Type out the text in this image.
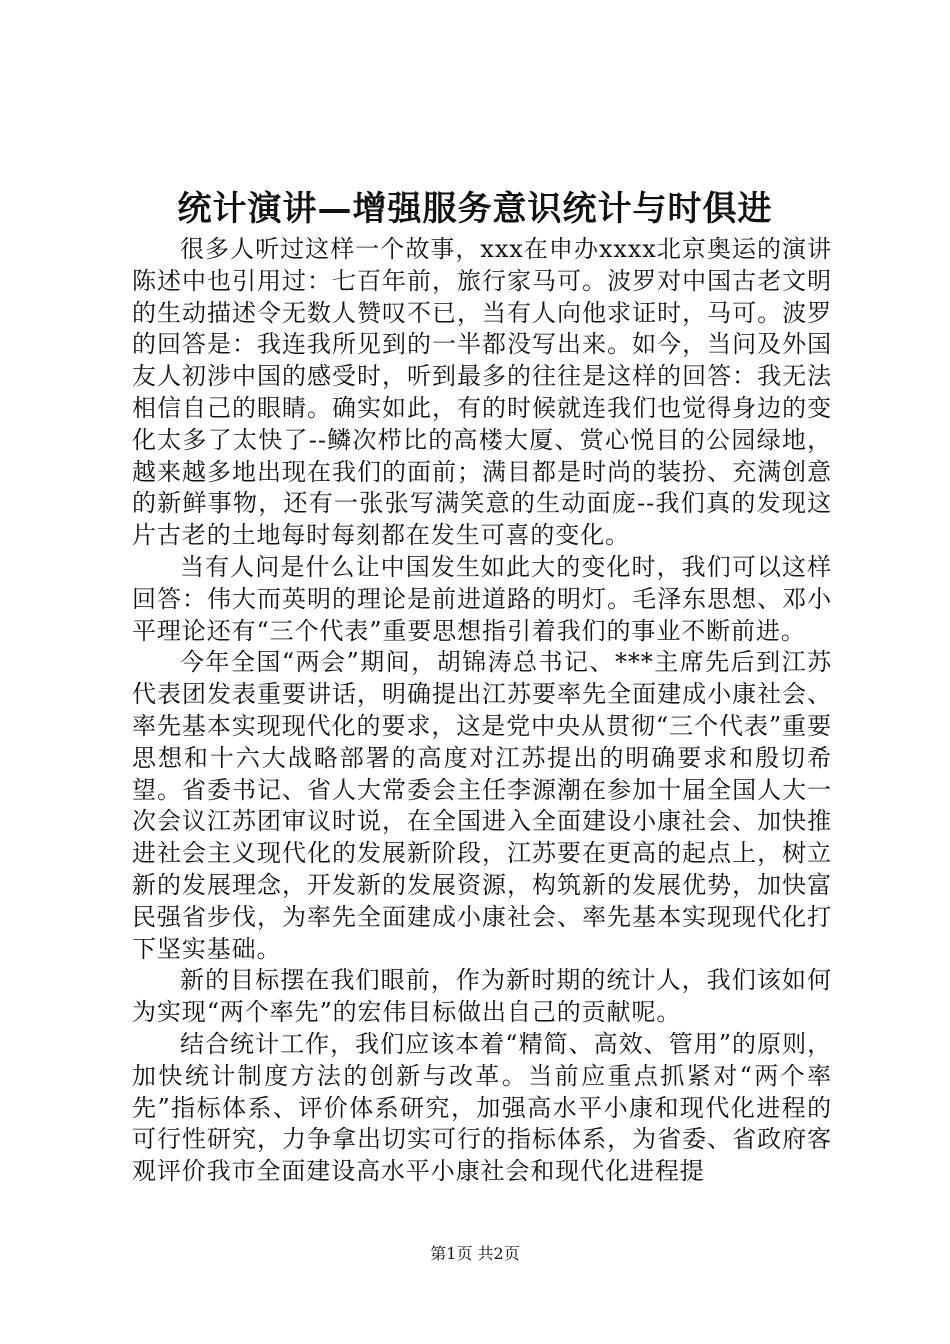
统计演讲—增强服务意识统计与时俱进

很多人听过这样一个故事，xxx在申办xxxx北京奥运的演讲陈述中也引用过：七百年前，旅行家马可。波罗对中国古老文明的生动描述令无数人赞叹不已，当有人向他求证时，马可。波罗的回答是：我连我所见到的一半都没写出来。如今，当问及外国友人初涉中国的感受时，听到最多的往往是这样的回答：我无法相信自己的眼睛。确实如此，有的时候就连我们也觉得身边的变化太多了太快了--鳞次栉比的高楼大厦、赏心悦目的公园绿地，越来越多地出现在我们的面前；满目都是时尚的装扮、充满创意的新鲜事物，还有一张张写满笑意的生动面庞--我们真的发现这片古老的土地每时每刻都在发生可喜的变化。

当有人问是什么让中国发生如此大的变化时，我们可以这样回答：伟大而英明的理论是前进道路的明灯。毛泽东思想、邓小平理论还有“三个代表”重要思想指引着我们的事业不断前进。

今年全国“两会”期间，胡锦涛总书记、***主席先后到江苏代表团发表重要讲话，明确提出江苏要率先全面建成小康社会、率先基本实现现代化的要求，这是党中央从贯彻“三个代表”重要思想和十六大战略部署的高度对江苏提出的明确要求和殷切希望。省委书记、省人大常委会主任李源潮在参加十届全国人大一次会议江苏团审议时说，在全国进入全面建设小康社会、加快推进社会主义现代化的发展新阶段，江苏要在更高的起点上，树立新的发展理念，开发新的发展资源，构筑新的发展优势，加快富民强省步伐，为率先全面建成小康社会、率先基本实现现代化打下坚实基础。

新的目标摆在我们眼前，作为新时期的统计人，我们该如何为实现“两个率先”的宏伟目标做出自己的贡献呢。

结合统计工作，我们应该本着“精简、高效、管用”的原则，加快统计制度方法的创新与改革。当前应重点抓紧对“两个率先”指标体系、评价体系研究，加强高水平小康和现代化进程的可行性研究，力争拿出切实可行的指标体系，为省委、省政府客观评价我市全面建设高水平小康社会和现代化进程提

第1页 共2页
